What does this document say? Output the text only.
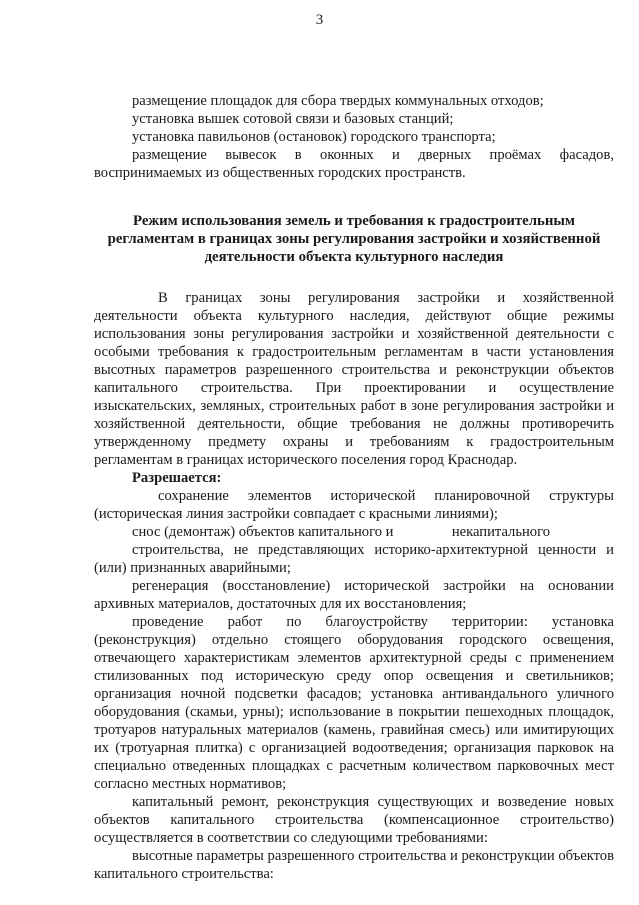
3

размещение площадок для сбора твердых коммунальных отходов;

установка вышек сотовой связи и базовых станций;

установка павильонов (остановок) городского транспорта;

размещение вывесок в оконных и дверных проёмах фасадов, воспринимаемых из общественных городских пространств.

Режим использования земель и требования к градостроительным регламентам в границах зоны регулирования застройки и хозяйственной деятельности объекта культурного наследия

В границах зоны регулирования застройки и хозяйственной деятельности объекта культурного наследия, действуют общие режимы использования зоны регулирования застройки и хозяйственной деятельности с особыми требования к градостроительным регламентам в части установления высотных параметров разрешенного строительства и реконструкции объектов капитального строительства. При проектировании и осуществление изыскательских, земляных, строительных работ в зоне регулирования застройки и хозяйственной деятельности, общие требования не должны противоречить утвержденному предмету охраны и требованиям к градостроительным регламентам в границах исторического поселения город Краснодар.

Разрешается:

сохранение элементов исторической планировочной структуры (историческая линия застройки совпадает с красными линиями);

снос (демонтаж) объектов капитального и                некапитального

строительства, не представляющих историко-архитектурной ценности и (или) признанных аварийными;

регенерация (восстановление) исторической застройки на основании архивных материалов, достаточных для их восстановления;

проведение работ по благоустройству территории: установка (реконструкция) отдельно стоящего оборудования городского освещения, отвечающего характеристикам элементов архитектурной среды с применением стилизованных под историческую среду опор освещения и светильников; организация ночной подсветки фасадов; установка антивандального уличного оборудования (скамьи, урны); использование в покрытии пешеходных площадок, тротуаров натуральных материалов (камень, гравийная смесь) или имитирующих их (тротуарная плитка) с организацией водоотведения; организация парковок на специально отведенных площадках с расчетным количеством парковочных мест согласно местных нормативов;

капитальный ремонт, реконструкция существующих и возведение новых объектов капитального строительства (компенсационное строительство) осуществляется в соответствии со следующими требованиями:

высотные параметры разрешенного строительства и реконструкции объектов капитального строительства:
